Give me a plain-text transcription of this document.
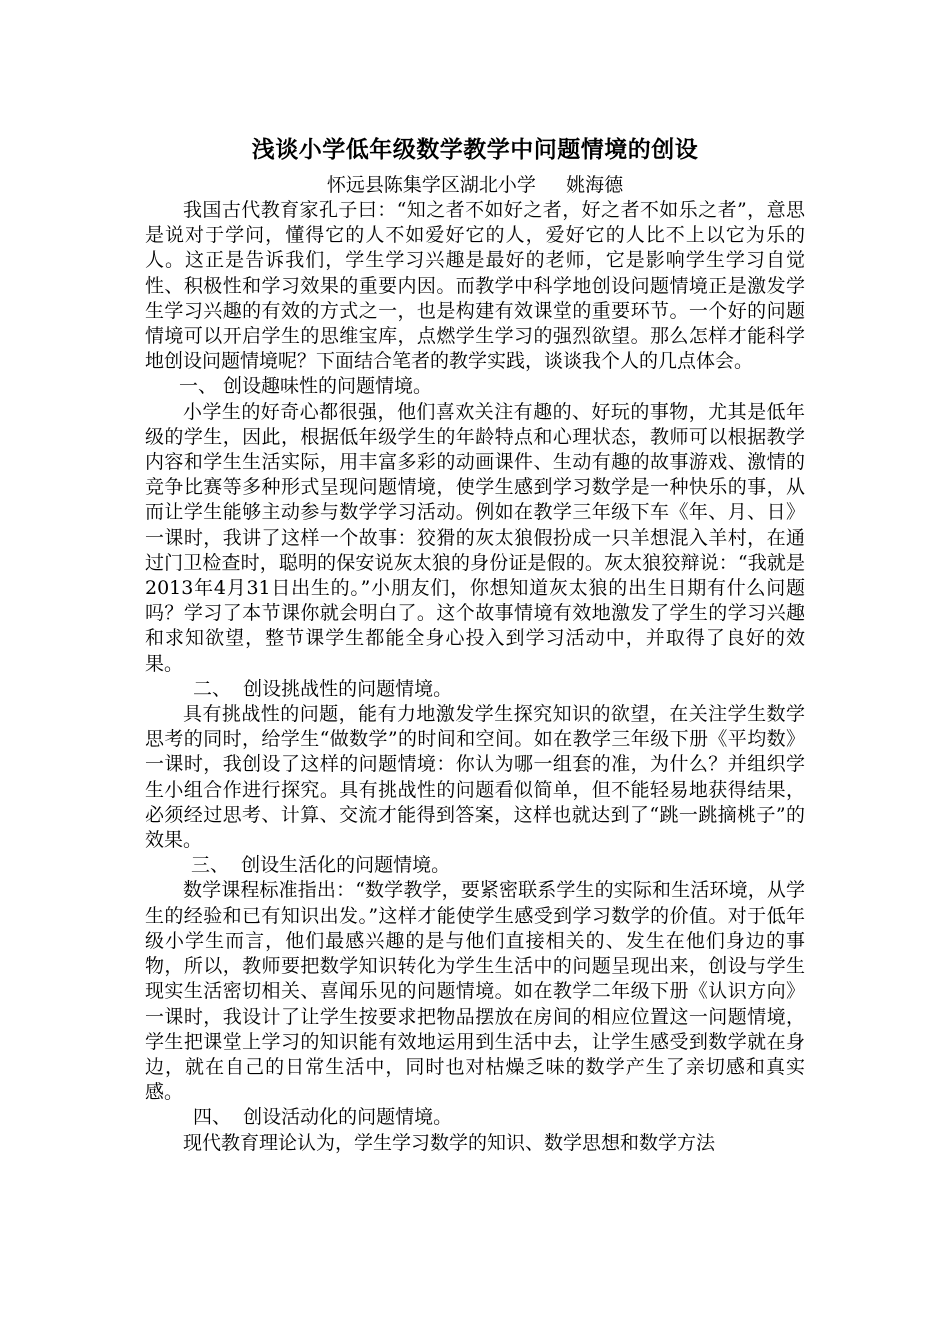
浅谈小学低年级数学教学中问题情境的创设

怀远县陈集学区湖北小学     姚海德

我国古代教育家孔子曰：“知之者不如好之者，好之者不如乐之者”，意思是说对于学问，懂得它的人不如爱好它的人，爱好它的人比不上以它为乐的人。这正是告诉我们，学生学习兴趣是最好的老师，它是影响学生学习自觉性、积极性和学习效果的重要内因。而教学中科学地创设问题情境正是激发学生学习兴趣的有效的方式之一，也是构建有效课堂的重要环节。一个好的问题情境可以开启学生的思维宝库，点燃学生学习的强烈欲望。那么怎样才能科学地创设问题情境呢？下面结合笔者的教学实践，谈谈我个人的几点体会。

一、 创设趣味性的问题情境。

小学生的好奇心都很强，他们喜欢关注有趣的、好玩的事物，尤其是低年级的学生，因此，根据低年级学生的年龄特点和心理状态，教师可以根据教学内容和学生生活实际，用丰富多彩的动画课件、生动有趣的故事游戏、激情的竞争比赛等多种形式呈现问题情境，使学生感到学习数学是一种快乐的事，从而让学生能够主动参与数学学习活动。例如在教学三年级下车《年、月、日》一课时，我讲了这样一个故事：狡猾的灰太狼假扮成一只羊想混入羊村，在通过门卫检查时，聪明的保安说灰太狼的身份证是假的。灰太狼狡辩说：“我就是2013年4月31日出生的。”小朋友们，你想知道灰太狼的出生日期有什么问题吗？学习了本节课你就会明白了。这个故事情境有效地激发了学生的学习兴趣和求知欲望，整节课学生都能全身心投入到学习活动中，并取得了良好的效果。

二、  创设挑战性的问题情境。

具有挑战性的问题，能有力地激发学生探究知识的欲望，在关注学生数学思考的同时，给学生“做数学”的时间和空间。如在教学三年级下册《平均数》一课时，我创设了这样的问题情境：你认为哪一组套的准，为什么？并组织学生小组合作进行探究。具有挑战性的问题看似简单，但不能轻易地获得结果，必须经过思考、计算、交流才能得到答案，这样也就达到了“跳一跳摘桃子”的效果。

三、  创设生活化的问题情境。

数学课程标准指出：“数学教学，要紧密联系学生的实际和生活环境，从学生的经验和已有知识出发。”这样才能使学生感受到学习数学的价值。对于低年级小学生而言，他们最感兴趣的是与他们直接相关的、发生在他们身边的事物，所以，教师要把数学知识转化为学生生活中的问题呈现出来，创设与学生现实生活密切相关、喜闻乐见的问题情境。如在教学二年级下册《认识方向》一课时，我设计了让学生按要求把物品摆放在房间的相应位置这一问题情境，学生把课堂上学习的知识能有效地运用到生活中去，让学生感受到数学就在身边，就在自己的日常生活中，同时也对枯燥乏味的数学产生了亲切感和真实感。

四、  创设活动化的问题情境。

现代教育理论认为，学生学习数学的知识、数学思想和数学方法
